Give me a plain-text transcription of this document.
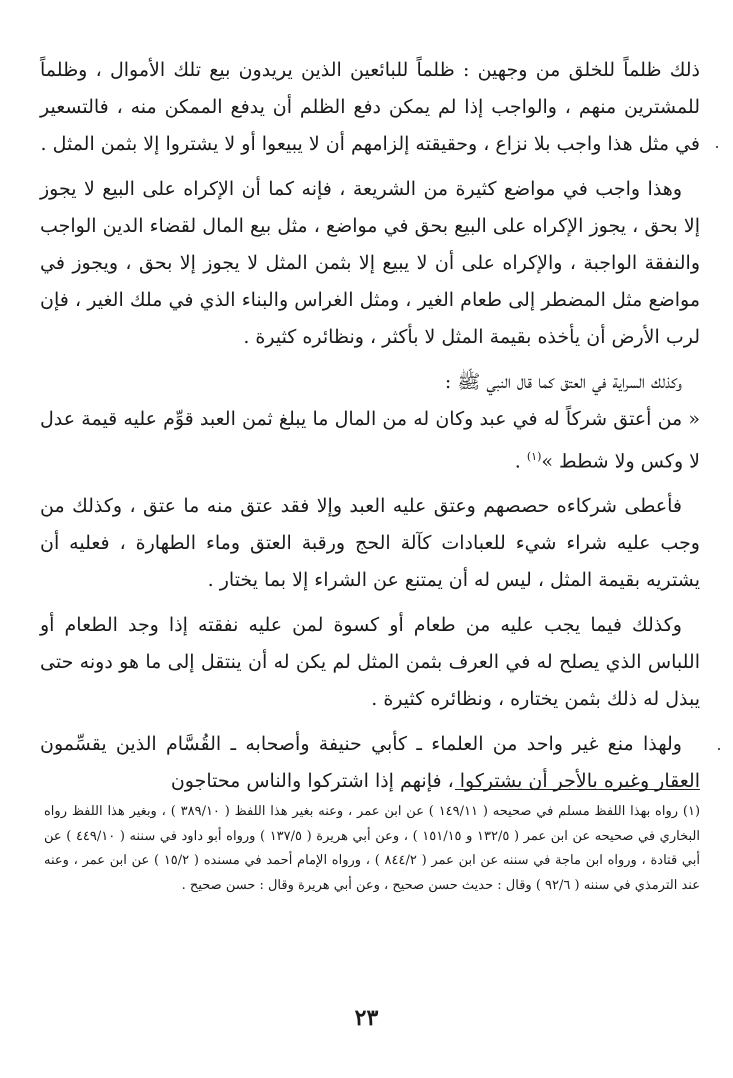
ذلك ظلماً للخلق من وجهين : ظلماً للبائعين الذين يريدون بيع تلك الأموال ، وظلماً للمشترين منهم ، والواجب إذا لم يمكن دفع الظلم أن يدفع الممكن منه ، فالتسعير في مثل هذا واجب بلا نزاع ، وحقيقته إلزامهم أن لا يبيعوا أو لا يشتروا إلا بثمن المثل .

وهذا واجب في مواضع كثيرة من الشريعة ، فإنه كما أن الإكراه على البيع لا يجوز إلا بحق ، يجوز الإكراه على البيع بحق في مواضع ، مثل بيع المال لقضاء الدين الواجب والنفقة الواجبة ، والإكراه على أن لا يبيع إلا بثمن المثل لا يجوز إلا بحق ، ويجوز في مواضع مثل المضطر إلى طعام الغير ، ومثل الغراس والبناء الذي في ملك الغير ، فإن لرب الأرض أن يأخذه بقيمة المثل لا بأكثر ، ونظائره كثيرة .

وكذلك السراية في العتق كما قال النبي ﷺ :

« من أعتق شركاً له في عبد وكان له من المال ما يبلغ ثمن العبد قوِّم عليه قيمة عدل لا وكس ولا شطط »$^{(١)}$ .

فأعطى شركاءه حصصهم وعتق عليه العبد وإلا فقد عتق منه ما عتق ، وكذلك من وجب عليه شراء شيء للعبادات كآلة الحج ورقبة العتق وماء الطهارة ، فعليه أن يشتريه بقيمة المثل ، ليس له أن يمتنع عن الشراء إلا بما يختار .

وكذلك فيما يجب عليه من طعام أو كسوة لمن عليه نفقته إذا وجد الطعام أو اللباس الذي يصلح له في العرف بثمن المثل لم يكن له أن ينتقل إلى ما هو دونه حتى يبذل له ذلك بثمن يختاره ، ونظائره كثيرة .

ولهذا منع غير واحد من العلماء ـ كأبي حنيفة وأصحابه ـ القُسَّام الذين يقسِّمون العقار وغيره بالأجر أن يشتركوا ، فإنهم إذا اشتركوا والناس محتاجون

(١) رواه بهذا اللفظ مسلم في صحيحه ( ١٤٩/١١ ) عن ابن عمر ، وعنه بغير هذا اللفظ ( ٣٨٩/١٠ ) ، وبغير هذا اللفظ رواه البخاري في صحيحه عن ابن عمر ( ١٣٢/٥ و ١٥١/١٥ ) ، وعن أبي هريرة ( ١٣٧/٥ ) ورواه أبو داود في سننه ( ٤٤٩/١٠ ) عن أبي قتادة ، ورواه ابن ماجة في سننه عن ابن عمر ( ٨٤٤/٢ ) ، ورواه الإمام أحمد في مسنده ( ١٥/٢ ) عن ابن عمر ، وعنه عند الترمذي في سننه ( ٩٢/٦ ) وقال : حديث حسن صحيح ، وعن أبي هريرة وقال : حسن صحيح .

٢٣
